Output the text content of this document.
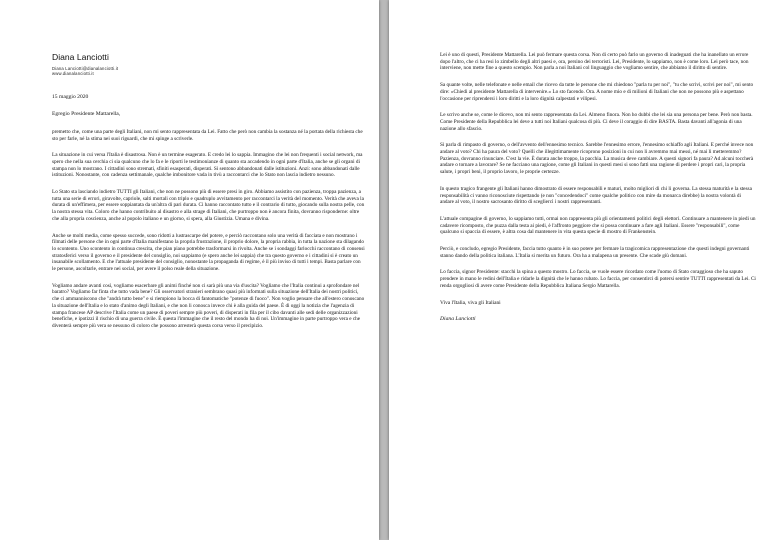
Diana Lanciotti
Diana Lanciotti@dianalanciotti.it
www.dianalanciotti.it
15 maggio 2020
Egregio Presidente Mattarella,

premetto che, come una parte degli Italiani, non mi sento rappresentata da Lei. Fatto che però non cambia la sostanza né la portata della richiesta che sto per farle, né la stima nei suoi riguardi, che mi spinge a scriverle.

La situazione in cui versa l'Italia è disastrosa. Non è un termine esagerato. E credo lei lo sappia. Immagino che lei non frequenti i social network, ma spero che nella sua cerchia ci sia qualcuno che lo fa e le riporti le testimonianze di quanto sta accadendo in ogni parte d'Italia, anche se gli organi di stampa non lo mostrano. I cittadini sono stremati, sfiniti esasperati, disperati. Si sentono abbandonati dalle istituzioni. Anzi: sono abbandonati dalle istituzioni. Nonostante, con cadenza settimanale, qualche imbonitore vada in tivù a raccontarci che lo Stato non lascia indietro nessuno.

Lo Stato sta lasciando indietro TUTTI gli Italiani, che non ne possono più di essere presi in giro. Abbiamo assistito con pazienza, troppa pazienza, a tutta una serie di errori, giravolte, capriole, salti mortali con triplo e quadruplo avvitamento per raccontarci la verità del momento. Verità che aveva la durata di un'effimera, per essere soppiantata da un'altra di pari durata. Ci hanno raccontato tutto e il contrario di tutto, giocando sulla nostra pelle, con la nostra stessa vita. Coloro che hanno contribuito al disastro e alla strage di Italiani, che purtroppo non è ancora finita, dovranno risponderne: oltre che alla propria coscienza, anche al popolo italiano e un giorno, si spera, alla Giustizia. Umana e divina.

Anche se molti media, come spesso succede, sono ridotti a lustrascarpe del potere, e perciò raccontano solo una verità di facciata e non mostrano i filmati delle persone che in ogni parte d'Italia manifestano la propria frustrazione, il proprio dolore, la propria rabbia, in tutta la nazione sta dilagando lo scontento. Uno scontento in continua crescita, che pian piano potrebbe trasformarsi in rivolta. Anche se i sondaggi farlocchi raccontano di consensi stratosferici verso il governo e il presidente del consiglio, noi sappiamo (e spero anche lei sappia) che tra questo governo e i cittadini si è creato un insanabile scollamento. E che l'attuale presidente del consiglio, nonostante la propaganda di regime, è il più inviso di tutti i tempi. Basta parlare con le persone, ascoltarle, entrare nei social, per avere il polso reale della situazione.

Vogliamo andare avanti così, vogliamo esacerbare gli animi finché non ci sarà più una via d'uscita? Vogliamo che l'Italia continui a sprofondare nel baratro? Vogliamo far finta che tutto vada bene? Gli osservatori stranieri sembrano quasi più informati sulla situazione dell'Italia dei nostri politici, che ci ammanniscono che "andrà tutto bene" e si riempiono la bocca di fantomatiche "potenze di fuoco". Non voglio pensare che all'estero conoscano la situazione dell'Italia e lo stato d'animo degli Italiani, e che non li conosca invece chi è alla guida del paese. È di oggi la notizia che l'agenzia di stampa francese AP descrive l'Italia come un paese di poveri sempre più poveri, di disperati in fila per il cibo davanti alle sedi delle organizzazioni benefiche, e ipotizzi il rischio di una guerra civile. È questa l'immagine che il resto del mondo ha di noi. Un'immagine in parte purtroppo vera e che diventerà sempre più vera se nessuno di coloro che possono arresterà questa corsa verso il precipizio.

Lei è uno di questi, Presidente Mattarella. Lei può fermare questa corsa. Non di certo può farlo un governo di inadeguati che ha inanellato un errore dopo l'altro, che ci ha resi lo zimbello degli altri paesi e, ora, persino dei terroristi. Lei, Presidente, lo sappiamo, non è come loro. Lei però tace, non interviene, non mette fine a questo scempio. Non parla a noi Italiani col linguaggio che vogliamo sentire, che abbiamo il diritto di sentire.

Sa quante volte, nelle telefonate e nelle email che ricevo da tutte le persone che mi chiedono "parla tu per noi", "tu che scrivi, scrivi per noi", mi sento dire: «Chiedi al presidente Mattarella di intervenire.» Lo sto facendo. Ora. A nome mio e di milioni di Italiani che non ne possono più e aspettano l'occasione per riprendersi i loro diritti e la loro dignità calpestati e vilipesi.

Le scrivo anche se, come le dicevo, non mi sento rappresentata da Lei. Almeno finora. Non ho dubbi che lei sia una persona per bene. Però non basta. Come Presidente della Repubblica lei deve a tutti noi Italiani qualcosa di più. Ci deve il coraggio di dire BASTA. Basta davanti all'agonia di una nazione allo sfascio.

Si parla di rimpasto di governo, o dell'avvento dell'ennesimo tecnico. Sarebbe l'ennesimo errore, l'ennesimo schiaffo agli Italiani. E perché invece non andare al voto? Chi ha paura del voto? Quelli che illegittimamente ricoprono posizioni in cui non li avremmo mai messi, né mai li metteremmo? Pazienza, dovranno rinunciare. C'est la vie. È durata anche troppo, la pacchia. La musica deve cambiare. A questi signori fa paura? Ad alcuni toccherà andare o tornare a lavorare? Se ne facciano una ragione, come gli Italiani in questi mesi si sono fatti una ragione di perdere i propri cari, la propria salute, i propri beni, il proprio lavoro, le proprie certezze.

In questo tragico frangente gli Italiani hanno dimostrato di essere responsabili e maturi, molto migliori di chi li governa. La stessa maturità e la stessa responsabilità ci vanno riconosciute rispettando (e non "concedendoci" come qualche politico con mire da monarca direbbe) la nostra volontà di andare al voto, il nostro sacrosanto diritto di scegliercì i nostri rappresentanti.

L'attuale compagine di governo, lo sappiamo tutti, ormai non rappresenta più gli orientamenti politici degli elettori. Continuare a mantenere in piedi un cadavere ricomposto, che puzza dalla testa ai piedi, è l'affronto peggiore che si possa continuare a fare agli Italiani. Essere "responsabili", come qualcuno si spaccia di essere, è altra cosa dal mantenere in vita questa specie di mostro di Frankenstein.

Perciò, e concludo, egregio Presidente, faccia tutto quanto è in suo potere per fermare la tragicomica rappresentazione che questi indegni governanti stanno dando della politica italiana. L'Italia si merita un futuro. Ora ha a malapena un presente. Che scade giù domani.

Lo faccia, signor Presidente: stacchi la spina a questo mostro. Lo faccia, se vuole essere ricordato come l'uomo di Stato coraggioso che ha saputo prendere in mano le redini dell'Italia e ridarle la dignità che le hanno rubato. Lo faccia, per consentirci di potersi sentire TUTTI rappresentati da Lei. Ci renda orgogliosi di avere come Presidente della Repubblica Italiana Sergio Mattarella.

Viva l'Italia, viva gli Italiani
Diana Lanciotti
